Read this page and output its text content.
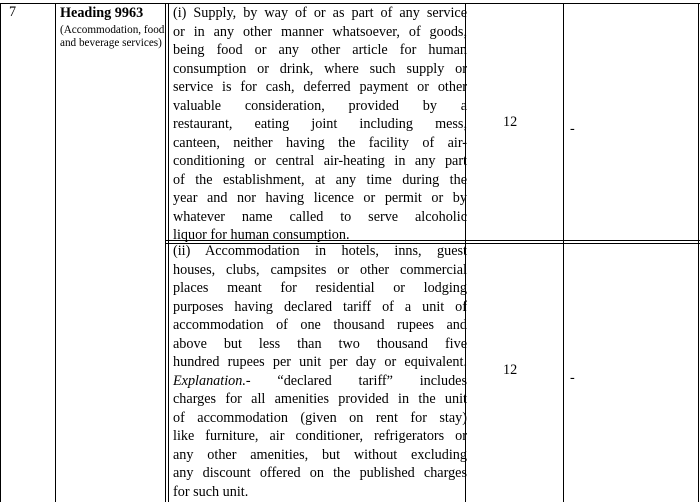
7	Heading 9963
(Accommodation, food and beverage services)
(i) Supply, by way of or as part of any service
or in any other manner whatsoever, of goods,
being food or any other article for human
consumption or drink, where such supply or
service is for cash, deferred payment or other
valuable consideration, provided by a
restaurant, eating joint including mess,
canteen, neither having the facility of air-
conditioning or central air-heating in any part
of the establishment, at any time during the
year and nor having licence or permit or by
whatever name called to serve alcoholic
liquor for human consumption.
12	-
(ii) Accommodation in hotels, inns, guest
houses, clubs, campsites or other commercial
places meant for residential or lodging
purposes having declared tariff of a unit of
accommodation of one thousand rupees and
above but less than two thousand five
hundred rupees per unit per day or equivalent.
Explanation.- “declared tariff” includes
charges for all amenities provided in the unit
of accommodation (given on rent for stay)
like furniture, air conditioner, refrigerators or
any other amenities, but without excluding
any discount offered on the published charges
for such unit.
12	-
